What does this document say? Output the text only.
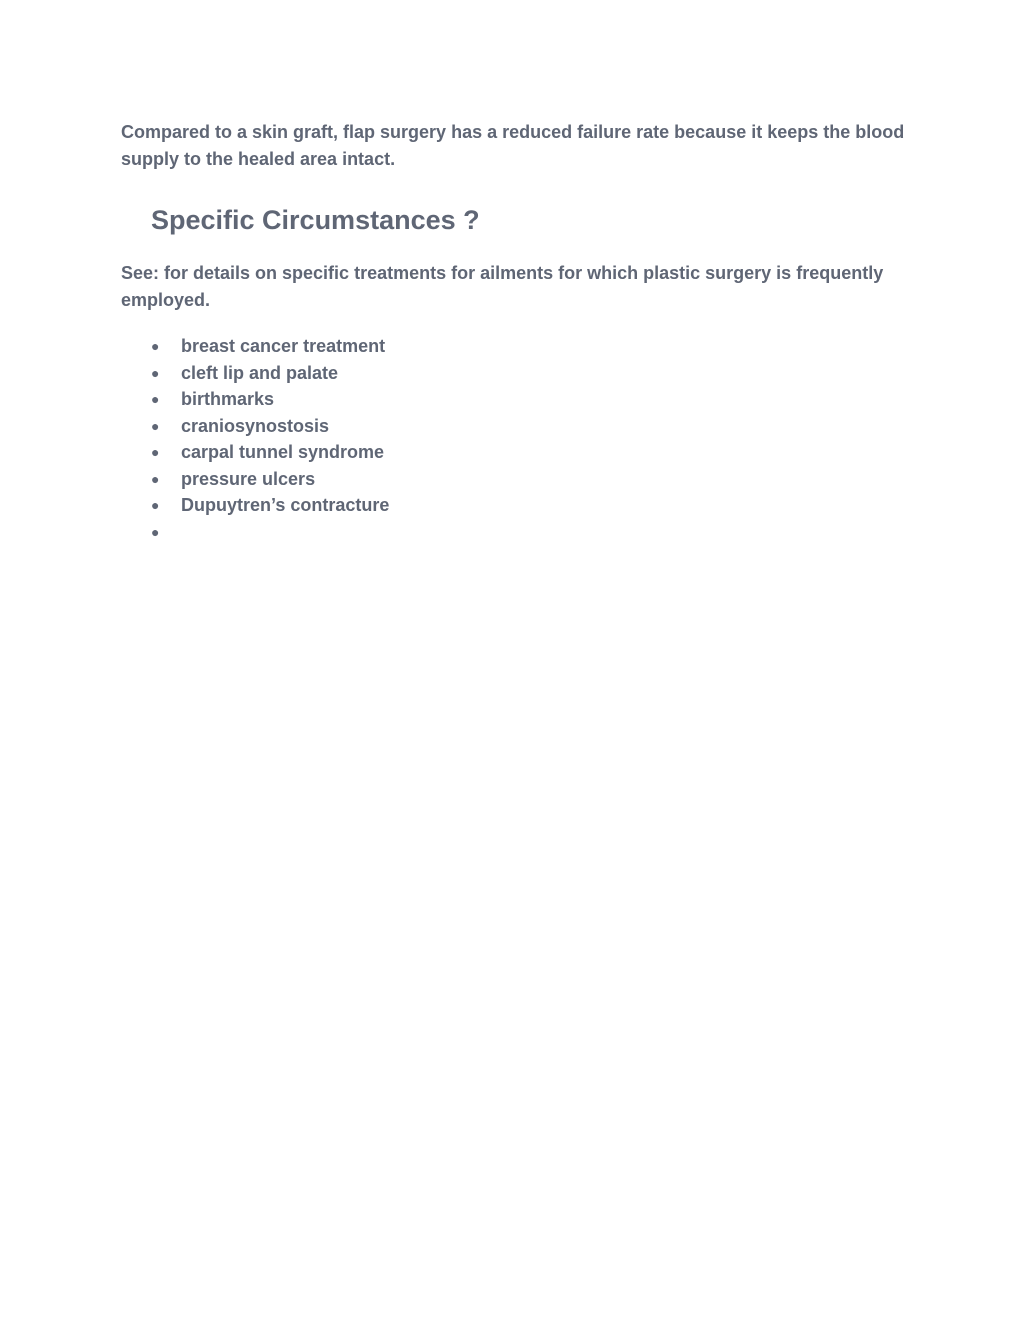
Compared to a skin graft, flap surgery has a reduced failure rate because it keeps the blood supply to the healed area intact.

Specific Circumstances ?

See: for details on specific treatments for ailments for which plastic surgery is frequently employed.

● breast cancer treatment
● cleft lip and palate
● birthmarks
● craniosynostosis
● carpal tunnel syndrome
● pressure ulcers
● Dupuytren’s contracture
●
